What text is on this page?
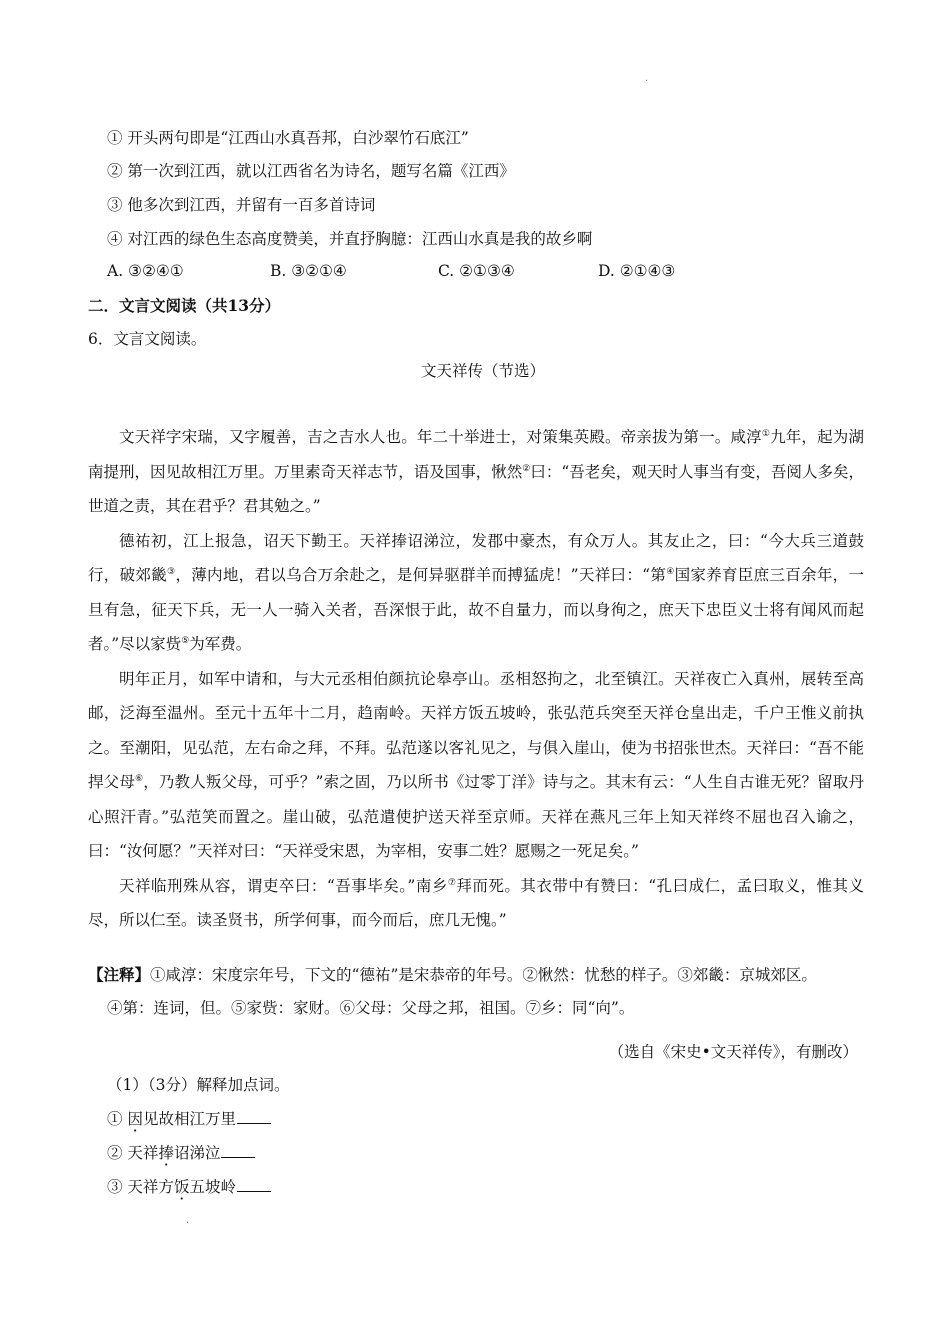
·
① 开头两句即是“江西山水真吾邦，白沙翠竹石底江”
② 第一次到江西，就以江西省名为诗名，题写名篇《江西》
③ 他多次到江西，并留有一百多首诗词
④ 对江西的绿色生态高度赞美，并直抒胸臆：江西山水真是我的故乡啊
A. ③②④①	B. ③②①④	C. ②①③④	D. ②①④③
二．文言文阅读（共13分）
6．文言文阅读。
文天祥传（节选）

文天祥字宋瑞，又字履善，吉之吉水人也。年二十举进士，对策集英殿。帝亲拔为第一。咸淳①九年，起为湖南提刑，因见故相江万里。万里素奇天祥志节，语及国事，愀然②曰：“吾老矣，观天时人事当有变，吾阅人多矣，世道之责，其在君乎？君其勉之。”

德祐初，江上报急，诏天下勤王。天祥捧诏涕泣，发郡中豪杰，有众万人。其友止之，曰：“今大兵三道鼓行，破郊畿③，薄内地，君以乌合万余赴之，是何异驱群羊而搏猛虎！”天祥曰：“第④国家养育臣庶三百余年，一旦有急，征天下兵，无一人一骑入关者，吾深恨于此，故不自量力，而以身徇之，庶天下忠臣义士将有闻风而起者。”尽以家赀⑤为军费。

明年正月，如军中请和，与大元丞相伯颜抗论皋亭山。丞相怒拘之，北至镇江。天祥夜亡入真州，展转至高邮，泛海至温州。至元十五年十二月，趋南岭。天祥方饭五坡岭，张弘范兵突至天祥仓皇出走，千户王惟义前执之。至潮阳，见弘范，左右命之拜，不拜。弘范遂以客礼见之，与俱入崖山，使为书招张世杰。天祥曰：“吾不能捍父母⑥，乃教人叛父母，可乎？”索之固，乃以所书《过零丁洋》诗与之。其末有云：“人生自古谁无死？留取丹心照汗青。”弘范笑而置之。崖山破，弘范遣使护送天祥至京师。天祥在燕凡三年上知天祥终不屈也召入谕之，曰：“汝何愿？”天祥对曰：“天祥受宋恩，为宰相，安事二姓？愿赐之一死足矣。”

天祥临刑殊从容，谓吏卒曰：“吾事毕矣。”南乡⑦拜而死。其衣带中有赞曰：“孔曰成仁，孟曰取义，惟其义尽，所以仁至。读圣贤书，所学何事，而今而后，庶几无愧。”

【注释】①咸淳：宋度宗年号，下文的“德祐”是宋恭帝的年号。②愀然：忧愁的样子。③郊畿：京城郊区。
④第：连词，但。⑤家赀：家财。⑥父母：父母之邦，祖国。⑦乡：同“向”。
（选自《宋史•文天祥传》，有删改）
（1）（3分）解释加点词。
① 因见故相江万里
② 天祥捧诏涕泣
③ 天祥方饭五坡岭
·
